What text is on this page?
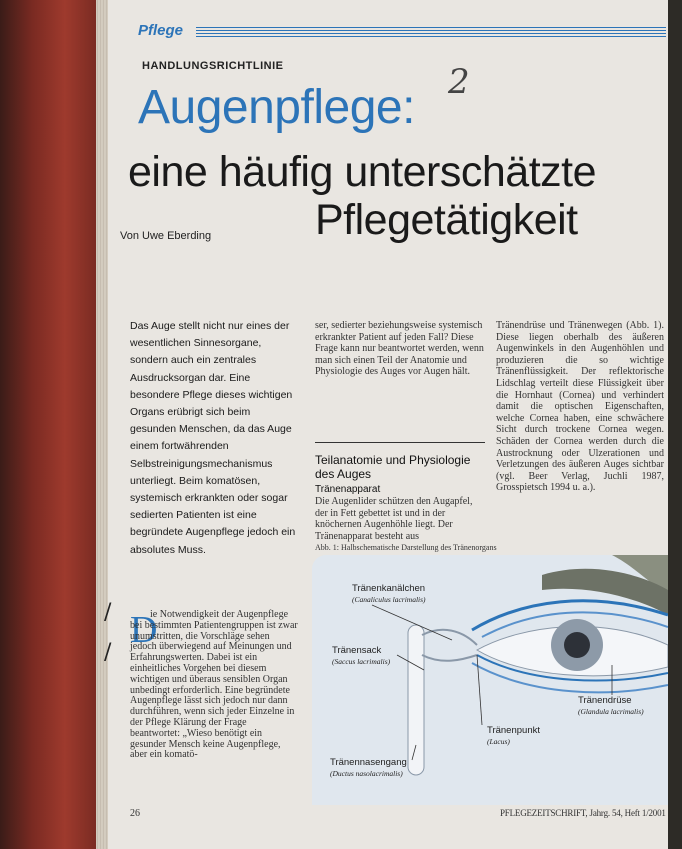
Pflege
HANDLUNGSRICHTLINIE	2
Augenpflege:
eine häufig unterschätzte
Pflegetätigkeit
Von Uwe Eberding
Das Auge stellt nicht nur eines der wesentlichen Sinnesorgane, sondern auch ein zentrales Ausdrucksorgan dar. Eine besondere Pflege dieses wichtigen Organs erübrigt sich beim gesunden Menschen, da das Auge einem fortwährenden Selbstreinigungsmechanismus unterliegt. Beim komatösen, systemisch erkrankten oder sogar sedierten Patienten ist eine begründete Augenpflege jedoch ein absolutes Muss.
ser, sedierter beziehungsweise systemisch erkrankter Patient auf jeden Fall? Diese Frage kann nur beantwortet werden, wenn man sich einen Teil der Anatomie und Physiologie des Auges vor Augen hält.
Teilanatomie und Physiologie des Auges
Tränenapparat
Die Augenlider schützen den Augapfel, der in Fett gebettet ist und in der knöchernen Augenhöhle liegt. Der Tränenapparat besteht aus
Tränendrüse und Tränenwegen (Abb. 1). Diese liegen oberhalb des äußeren Augenwinkels in den Augenhöhlen und produzieren die so wichtige Tränenflüssigkeit. Der reflektorische Lidschlag verteilt diese Flüssigkeit über die Hornhaut (Cornea) und verhindert damit die optischen Eigenschaften, welche Cornea haben, eine schwächere Sicht durch trockene Cornea wegen. Schäden der Cornea werden durch die Austrocknung oder Ulzerationen und Verletzungen des äußeren Auges sichtbar (vgl. Beer Verlag, Juchli 1987, Grosspietsch 1994 u. a.).
Abb. 1: Halbschematische Darstellung des Tränenorgans
Tränenkanälchen
(Canaliculus lacrimalis)
Tränensack
(Saccus lacrimalis)
Tränendrüse
(Glandula lacrimalis)
Tränenpunkt
(Lacus)
Tränennasengang
(Ductus nasolacrimalis)
D
ie Notwendigkeit der Augenpflege bei bestimmten Patientengruppen ist zwar unumstritten, die Vorschläge sehen jedoch überwiegend auf Meinungen und Erfahrungswerten. Dabei ist ein einheitliches Vorgehen bei diesem wichtigen und überaus sensiblen Organ unbedingt erforderlich. Eine begründete Augenpflege lässt sich jedoch nur dann durchführen, wenn sich jeder Einzelne in der Pflege Klärung der Frage beantwortet: „Wieso benötigt ein gesunder Mensch keine Augenpflege, aber ein komatö-
26	PFLEGEZEITSCHRIFT, Jahrg. 54, Heft 1/2001
/
/
